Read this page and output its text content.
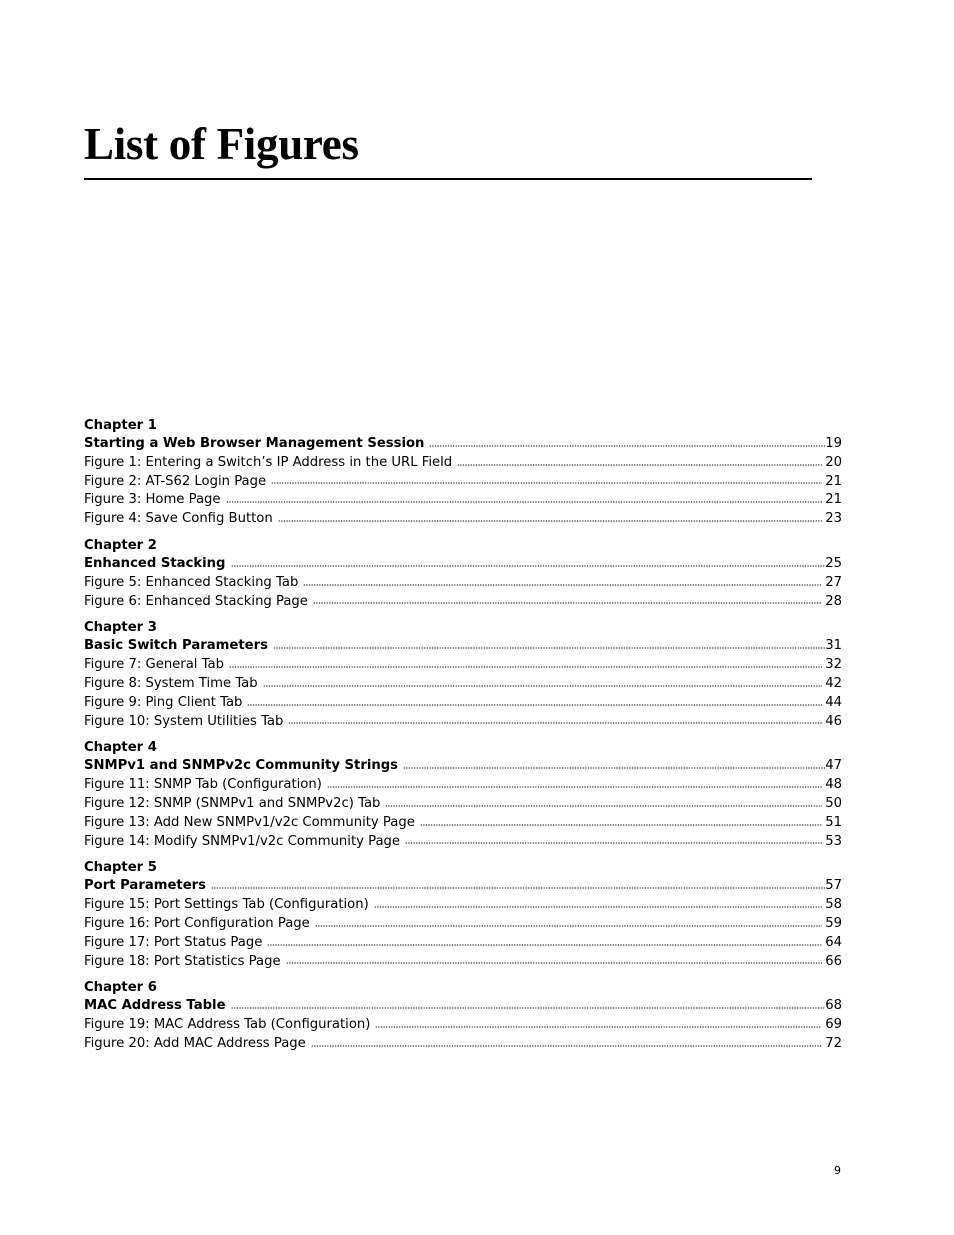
List of Figures
Chapter 1
Starting a Web Browser Management Session	19
Figure 1: Entering a Switch’s IP Address in the URL Field	20
Figure 2: AT-S62 Login Page	21
Figure 3: Home Page	21
Figure 4: Save Config Button	23
Chapter 2
Enhanced Stacking	25
Figure 5: Enhanced Stacking Tab	27
Figure 6: Enhanced Stacking Page	28
Chapter 3
Basic Switch Parameters	31
Figure 7: General Tab	32
Figure 8: System Time Tab	42
Figure 9: Ping Client Tab	44
Figure 10: System Utilities Tab	46
Chapter 4
SNMPv1 and SNMPv2c Community Strings	47
Figure 11: SNMP Tab (Configuration)	48
Figure 12: SNMP (SNMPv1 and SNMPv2c) Tab	50
Figure 13: Add New SNMPv1/v2c Community Page	51
Figure 14: Modify SNMPv1/v2c Community Page	53
Chapter 5
Port Parameters	57
Figure 15: Port Settings Tab (Configuration)	58
Figure 16: Port Configuration Page	59
Figure 17: Port Status Page	64
Figure 18: Port Statistics Page	66
Chapter 6
MAC Address Table	68
Figure 19: MAC Address Tab (Configuration)	69
Figure 20: Add MAC Address Page	72
9
